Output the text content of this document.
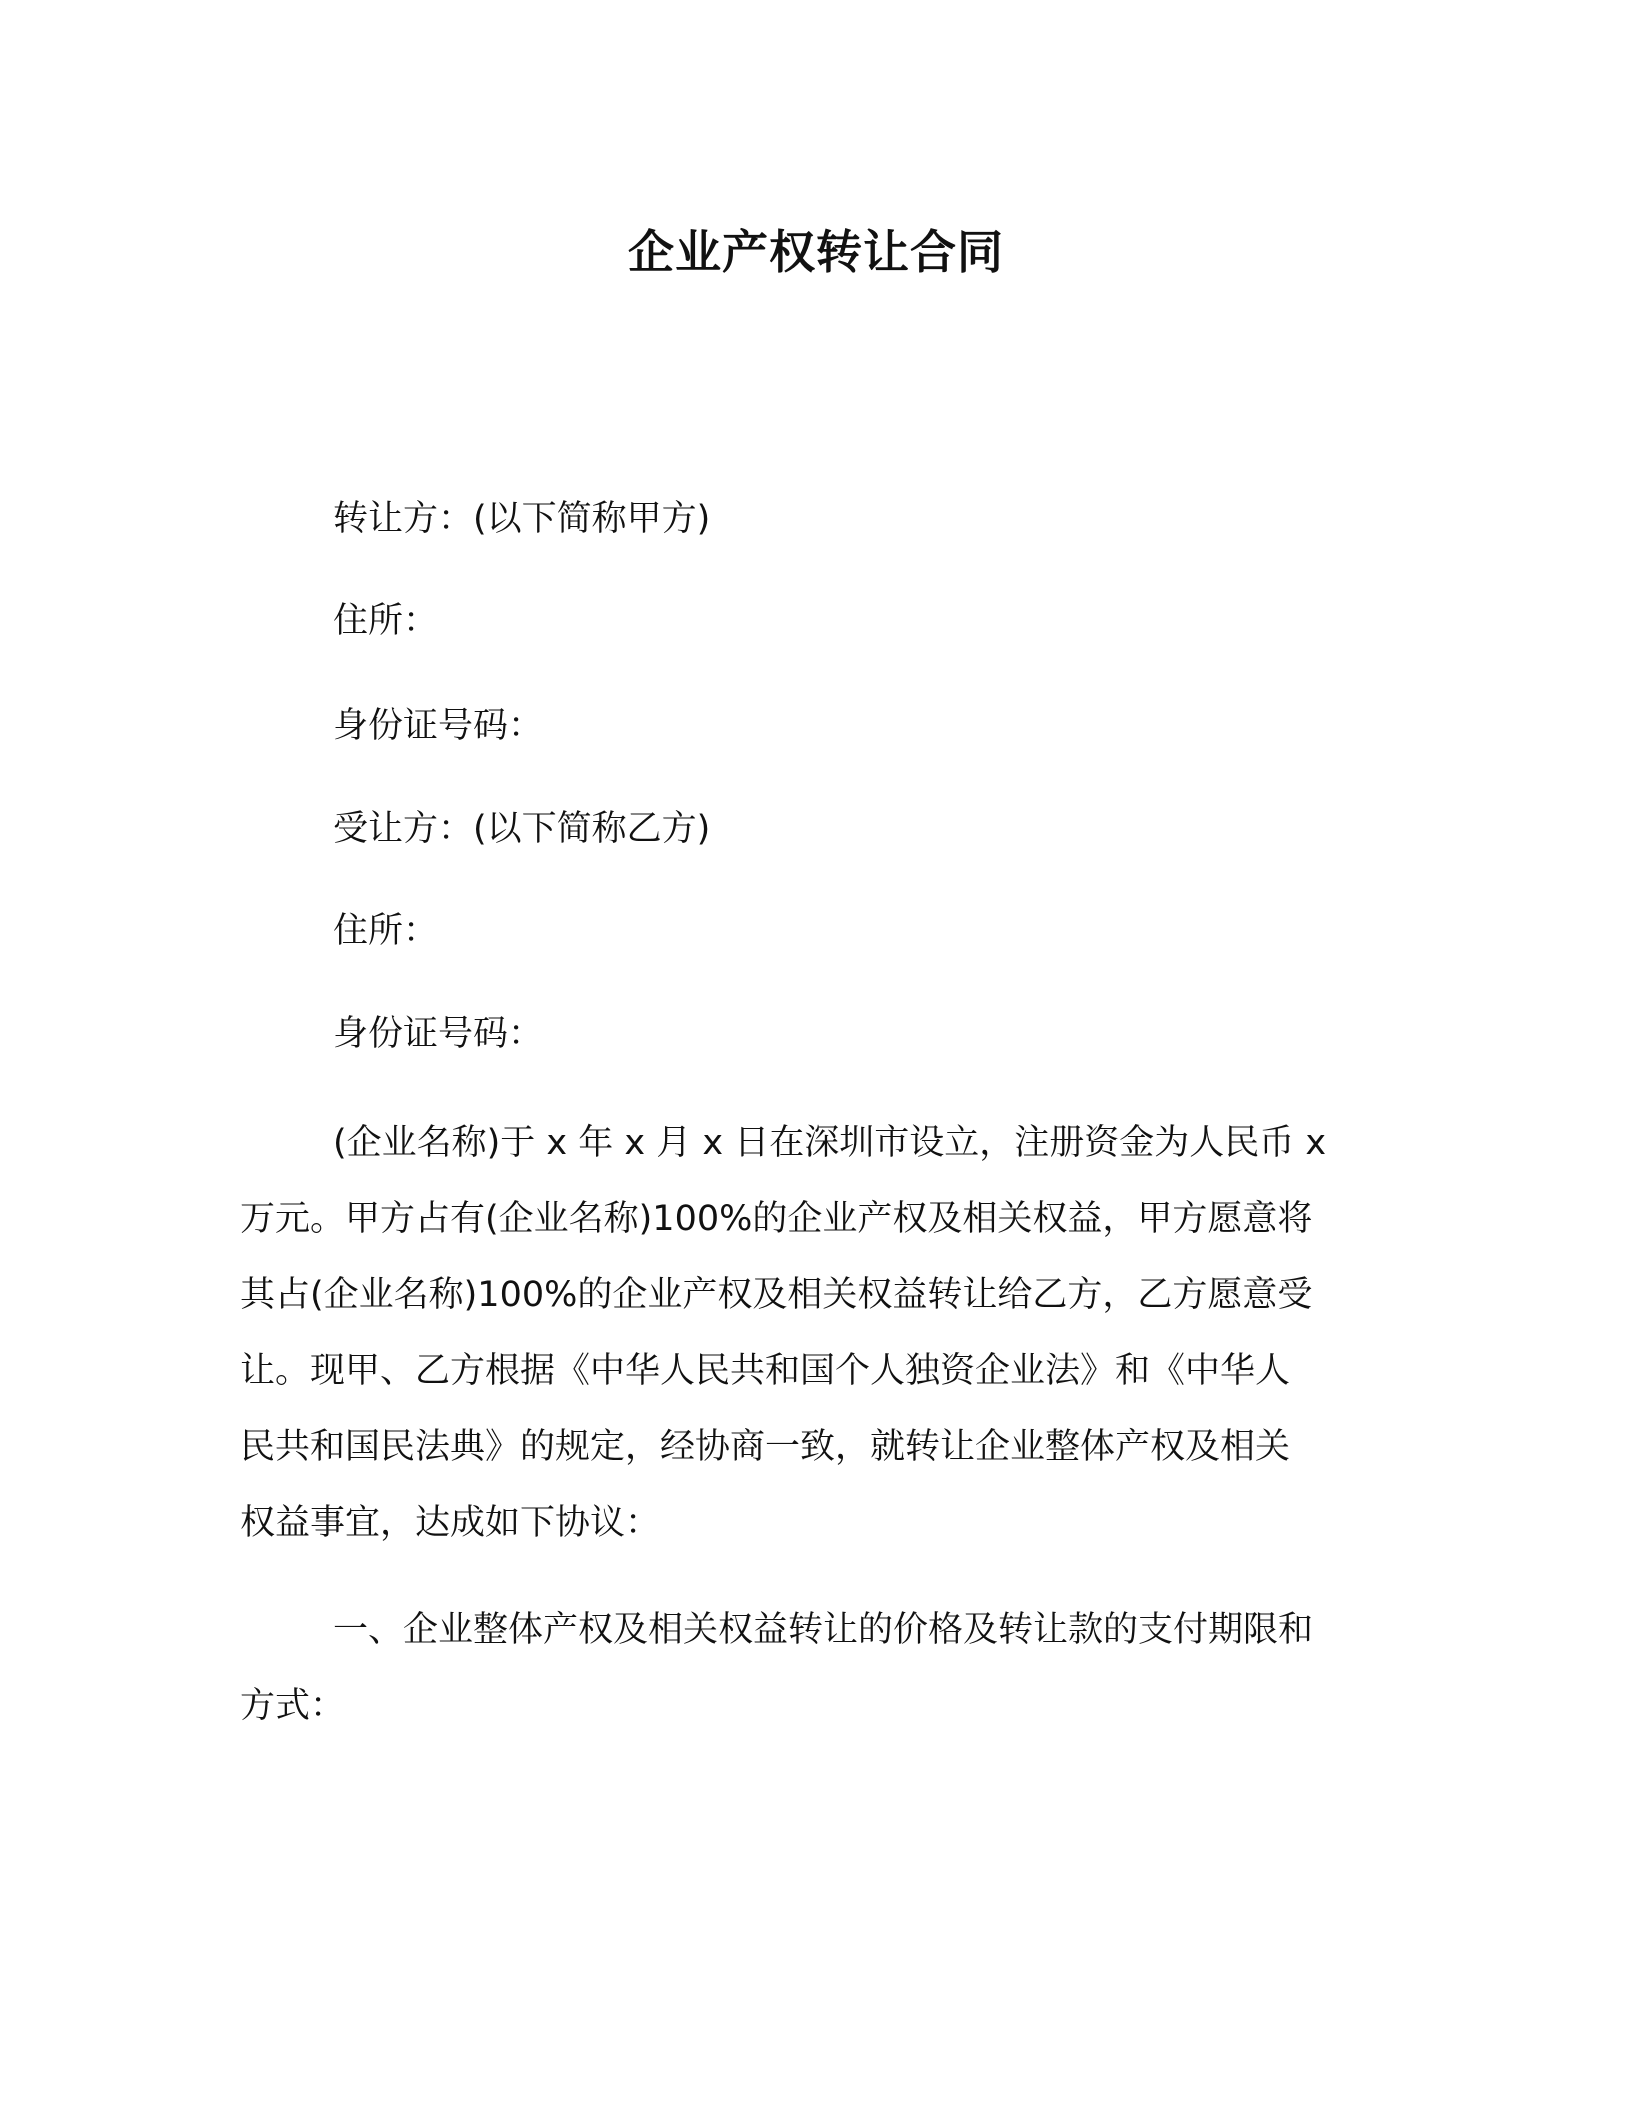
企业产权转让合同
转让方：(以下简称甲方)
住所：
身份证号码：
受让方：(以下简称乙方)
住所：
身份证号码：
(企业名称)于 x 年 x 月 x 日在深圳市设立，注册资金为人民币 x
万元。甲方占有(企业名称)100%的企业产权及相关权益，甲方愿意将
其占(企业名称)100%的企业产权及相关权益转让给乙方，乙方愿意受
让。现甲、乙方根据《中华人民共和国个人独资企业法》和《中华人
民共和国民法典》的规定，经协商一致，就转让企业整体产权及相关
权益事宜，达成如下协议：
一、企业整体产权及相关权益转让的价格及转让款的支付期限和
方式：
